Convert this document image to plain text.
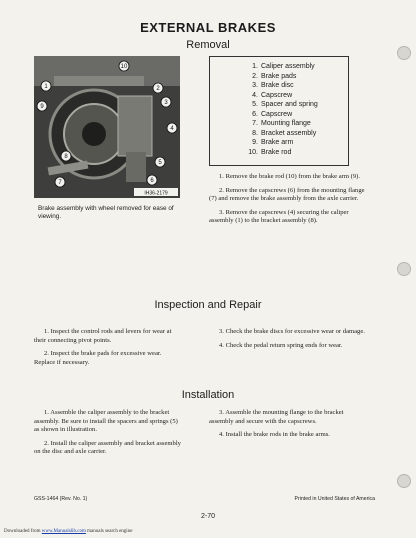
EXTERNAL BRAKES
Removal
10
2
3
4
5
6
7
8
9
1
IH36-2179
Brake assembly with wheel removed for ease of viewing.
1. Caliper assembly
2. Brake pads
3. Brake disc
4. Capscrew
5. Spacer and spring
6. Capscrew
7. Mounting flange
8. Bracket assembly
9. Brake arm
10. Brake rod

1. Remove the brake rod (10) from the brake arm (9).

2. Remove the capscrews (6) from the mounting flange (7) and remove the brake assembly from the axle carrier.

3. Remove the capscrews (4) securing the caliper assembly (1) to the bracket assembly (8).

Inspection and Repair

1. Inspect the control rods and levers for wear at their connecting pivot points.

2. Inspect the brake pads for excessive wear. Replace if necessary.

3. Check the brake discs for excessive wear or damage.

4. Check the pedal return spring ends for wear.

Installation

1. Assemble the caliper assembly to the bracket assembly. Be sure to install the spacers and springs (5) as shown in illustration.

2. Install the caliper assembly and bracket assembly on the disc and axle carrier.

3. Assemble the mounting flange to the bracket assembly and secure with the capscrews.

4. Install the brake rods in the brake arms.

GSS-1464 (Rev. No. 1)	Printed in United States of America
2-70
Downloaded from www.Manualslib.com manuals search engine
